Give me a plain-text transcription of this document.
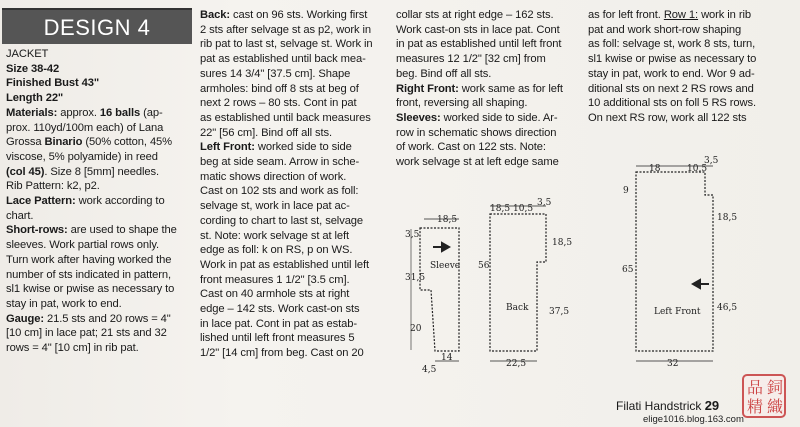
DESIGN 4

JACKET

Size 38-42

Finished Bust 43"

Length 22"

Materials: approx. 16 balls (ap-

prox. 110yd/100m each) of Lana

Grossa Binario (50% cotton, 45%

viscose, 5% polyamide) in reed

(col 45). Size 8 [5mm] needles.

Rib Pattern: k2, p2.

Lace Pattern: work according to

chart.

Short-rows: are used to shape the

sleeves. Work partial rows only.

Turn work after having worked the

number of sts indicated in pattern,

sl1 kwise or pwise as necessary to

stay in pat, work to end.

Gauge: 21.5 sts and 20 rows = 4"

[10 cm] in lace pat; 21 sts and 32

rows = 4" [10 cm] in rib pat.

Back: cast on 96 sts. Working first

2 sts after selvage st as p2, work in

rib pat to last st, selvage st. Work in

pat as established until back mea-

sures 14 3/4" [37.5 cm]. Shape

armholes: bind off 8 sts at beg of

next 2 rows – 80 sts. Cont in pat

as established until back measures

22" [56 cm]. Bind off all sts.

Left Front: worked side to side

beg at side seam. Arrow in sche-

matic shows direction of work.

Cast on 102 sts and work as foll:

selvage st, work in lace pat ac-

cording to chart to last st, selvage

st. Note: work selvage st at left

edge as foll: k on RS, p on WS.

Work in pat as established until left

front measures 1 1/2" [3.5 cm].

Cast on 40 armhole sts at right

edge – 142 sts. Work cast-on sts

in lace pat. Cont in pat as estab-

lished until left front measures 5

1/2" [14 cm] from beg. Cast on 20

collar sts at right edge – 162 sts.

Work cast-on sts in lace pat. Cont

in pat as established until left front

measures 12 1/2" [32 cm] from

beg. Bind off all sts.

Right Front: work same as for left

front, reversing all shaping.

Sleeves: worked side to side. Ar-

row in schematic shows direction

of work. Cast on 122 sts. Note:

work selvage st at left edge same

as for left front. Row 1: work in rib

pat and work short-row shaping

as foll: selvage st, work 8 sts, turn,

sl1 kwise or pwise as necessary to

stay in pat, work to end. Wor 9 ad-

ditional sts on next 2 RS rows and

10 additional sts on foll 5 RS rows.

On next RS row, work all 122 sts

Sleeve
18,5
3,5
31,5
20
14
4,5
Back
18,5 10,5
3,5
56
18,5
37,5
22,5
Left Front
18	10,5
3,5
9
18,5
65
46,5
32
鉰
精 織
品
Filati Handstrick 29
elige1016.blog.163.com
